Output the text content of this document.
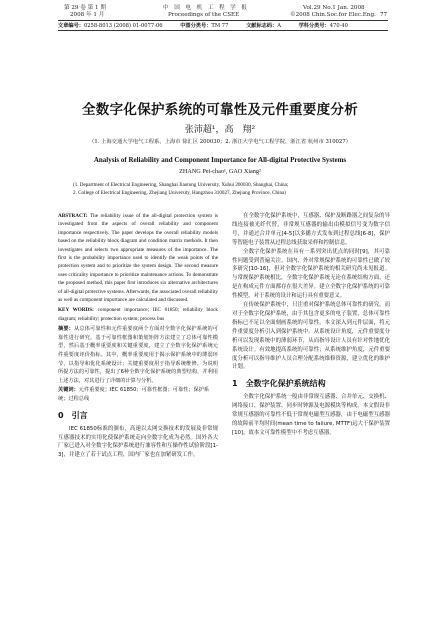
第 29 卷 第 1 期	中　国　电　机　工　程　学　报	Vol.29 No.1 Jan. 2008
2008 年 1 月	Proceedings of the CSEE	©2008 Chin.Soc.for Elec.Eng. 77
文章编号：0258-8013 (2008) 01-0077-06	中图分类号：TM 77	文献标志码：A	学科分类号：470·40
全数字化保护系统的可靠性及元件重要度分析
张沛超¹，高　翔²
（1. 上海交通大学电气工程系，上海市 徐汇区 200030；2. 浙江大学电气工程学院，浙江省 杭州市 310027）
Analysis of Reliability and Component Importance for All-digital Protective Systems
ZHANG Pei-chao¹, GAO Xiang²
(1. Department of Electrical Engineering, Shanghai Jiaotong University, Xuhui 200030, Shanghai, China;
2. College of Electrical Engineering, Zhejiang University, Hangzhou 310027, Zhejiang Province, China)
ABSTRACT: The reliability issue of the all-digital protection system is investigated from the aspects of overall reliability and component importance respectively. The paper develops the overall reliability models based on the reliability block diagram and condition matrix methods. It then investigates and selects two appropriate measures of the importance. The first is the probability importance used to identify the weak points of the protection system and to prioritize the system design. The second measure uses criticality importance to prioritize maintenance actions. To demonstrate the proposed method, this paper first introduces six alternative architectures of all-digital protective systems. Afterwards, the associated overall reliability as well as component importance are calculated and discussed.
KEY WORDS: component importance; IEC 61850; reliability block diagram; reliability; protection system; process bus
摘要：从总体可靠性和元件重要度两个方面对全数字化保护系统的可靠性进行研究。基于可靠性框图和策划矩阵方法建立了总体可靠性模型，然后基于概率重要度和关键重要度，建立了全数字化保护系统元件重要度评价指标。其中，概率重要度用于揭示保护系统中的薄弱环节，以指导和优化系统设计；关键重要度用于指导系统维修。为说明所提方法的可靠性，提出了6种全数字化保护系统的典型结构，并利用上述方法，对其进行了详细的计算与分析。
关键词：元件重要度；IEC 61850；可靠性框图；可靠性；保护系统；过程总线
0　引言
IEC 61850标准的颁布，高速以太网交换技术的发展及非常规互感器技术的实用化使保护系统走向全数字化成为必然。国外各大厂家已进入对全数字化保护系统进行兼容性和互操作性试验阶段[1-3]，并建立了若干试点工程，国内厂家也在加紧研发工作。
在全数字化保护系统中，互感器、保护及断路器之间复杂的导线连接被光纤代替，非常规互感器的输出由模拟信号变为数字信号，并通过合并单元[4-5]以多播方式发布到过程总线[6-8]，保护等智能电子装置从过程总线获取采样和控制信息。
全数字化保护系统在具有一系列突出优点的同时[9]，其可靠性问题受到普遍关注。国内、外对常规保护系统的可靠性已做了较多研究[10-16]，但对全数字化保护系统的相关研究尚未见报道。与常规保护系统相比，全数字化保护系统无论在系统结构方面，还是在构成元件方面都存在很大差异。建立全数字化保护系统的可靠性模型，对于系统的设计和运行具有重要意义。
在传统保护系统中，只注重对保护系统总体可靠性的研究，而对于全数字化保护系统，由于其包含更多的电子装置，总体可靠性指标已不足以全面刻画系统的可靠性。本文深入到元件层面，将元件重要度分析引入到保护系统中。从系统设计角度，元件重要度分析可以发现系统中的薄弱环节，从而指导设计人员有针对性地优化系统设计。有效地提高系统的可靠性；从系统维护角度，元件重要度分析可以指导维护人员合理分配系统维修资源，建立优化的维护计划。
1　全数字化保护系统结构
全数字化保护系统一般由非常规互感器、合并单元、交换机、网络接口、保护装置、同步时钟源及电源模块等构成。本文假设非常规互感器的可靠性不低于常规电磁型互感器，由于电磁型互感器的故障前平均时间(mean time to failure, MTTF)远大于保护装置[10]，故本文可靠性模型中不考虑互感器。
